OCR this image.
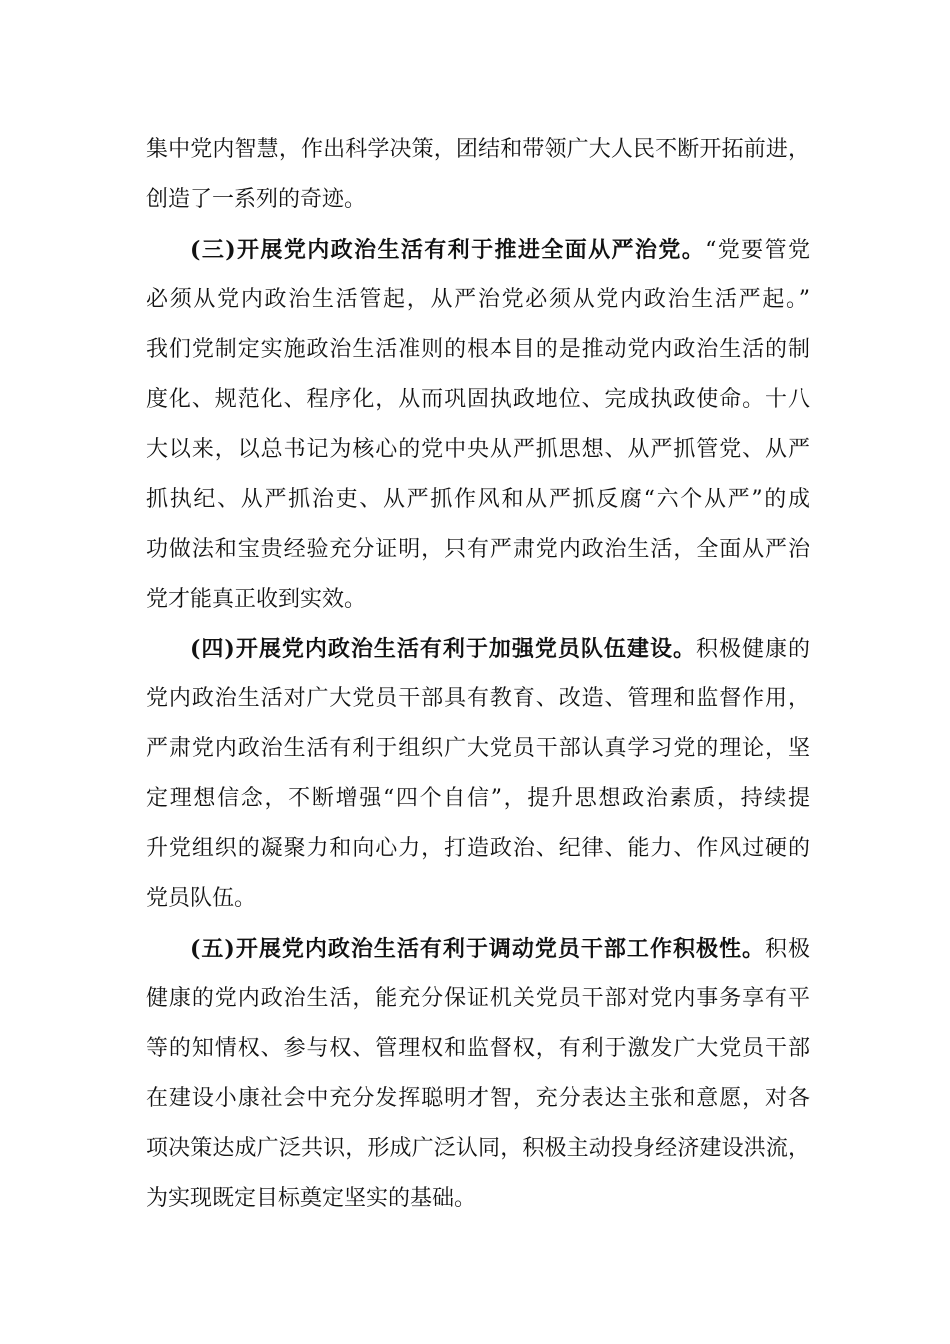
集中党内智慧，作出科学决策，团结和带领广大人民不断开拓前进，
创造了一系列的奇迹。
(三)开展党内政治生活有利于推进全面从严治党。“党要管党
必须从党内政治生活管起，从严治党必须从党内政治生活严起。”
我们党制定实施政治生活准则的根本目的是推动党内政治生活的制
度化、规范化、程序化，从而巩固执政地位、完成执政使命。十八
大以来，以总书记为核心的党中央从严抓思想、从严抓管党、从严
抓执纪、从严抓治吏、从严抓作风和从严抓反腐“六个从严”的成
功做法和宝贵经验充分证明，只有严肃党内政治生活，全面从严治
党才能真正收到实效。
(四)开展党内政治生活有利于加强党员队伍建设。积极健康的
党内政治生活对广大党员干部具有教育、改造、管理和监督作用，
严肃党内政治生活有利于组织广大党员干部认真学习党的理论，坚
定理想信念，不断增强“四个自信”，提升思想政治素质，持续提
升党组织的凝聚力和向心力，打造政治、纪律、能力、作风过硬的
党员队伍。
(五)开展党内政治生活有利于调动党员干部工作积极性。积极
健康的党内政治生活，能充分保证机关党员干部对党内事务享有平
等的知情权、参与权、管理权和监督权，有利于激发广大党员干部
在建设小康社会中充分发挥聪明才智，充分表达主张和意愿，对各
项决策达成广泛共识，形成广泛认同，积极主动投身经济建设洪流，
为实现既定目标奠定坚实的基础。
